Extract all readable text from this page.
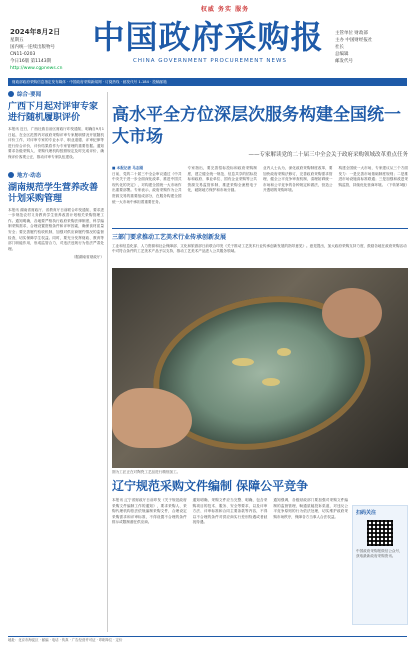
权威 务实 服务
2024年8月2日
星期五
国内统一连续出版物号
CN11-0203
今日16版 第1143期
http://www.cgpnews.cn
中国政府采购报
CHINA GOVERNMENT PROCUREMENT NEWS
主管单位 财政部
主办 中国财经报社
社长
总编辑
邮发代号
财政部政府采购信息指定发布媒体 · 中国政府采购新闻网 · 订阅热线 · 邮发代号 1-184 · 投稿邮箱
综合·要闻
广西下月起对评审专家进行随机履职评价
本报讯 近日，广西壮族自治区财政厅印发通知，明确自9月1日起，在全区范围内对政府采购评审专家履职情况开展随机评价工作，对评审专家的专业水平、职业道德、评审纪律等进行综合评价，评价结果将作为专家管理的重要依据。通知要求各级采购人、采购代理机构按照规定及时完成评价，确保评价客观公正，推动评审专家队伍建设。
地方·动态
湖南规范学生营养改善计划采购管理
本报讯 湖南省财政厅、省教育厅日前联合印发通知，要求进一步规范农村义务教育学生营养改善计划相关采购管理工作。通知明确，各地要严格执行政府采购法律制度，科学编制采购需求，合理设置资格条件和评审因素，确保食材质量安全；要完善履约验收机制，加强对供应商履约情况的监督检查，切实保障学生权益。同时，要充分发挥财政、教育等部门职能作用，形成监管合力，对违法违规行为依法严肃处理。
（据湖南省财政厅）
高水平全方位深层次服务构建全国统一大市场
——专家解读党的二十届三中全会关于政府采购领域改革重点任务
■ 本报记者 马志刚
日前，党的二十届三中全会审议通过《中共中央关于进一步全面深化改革、推进中国式现代化的决定》，对构建全国统一大市场作出重要部署。专家表示，政府采购作为公共资源交易的重要组成部分，在服务构建全国统一大市场中承担着重要任务。
专家指出，要完善招标投标和政府采购制度，建立健全统一规范、信息共享的招标投标和政府、事业单位、国有企业采购等公共资源交易监管体制，推进采购全流程电子化，破除地方保护和市场分割。
业内人士认为，深化政府采购制度改革，要加快政府采购法修订，完善政府采购需求管理，健全公平竞争审查机制，清理妨碍统一市场和公平竞争的各种规定和做法，营造公开透明的采购环境。
构建全国统一大市场，专家建议从三个方面发力：一是完善市场基础制度规则；二是推进市场设施高标准联通；三是加强和改进采购监管，持续优化营商环境。（下转第3版）
三部门要求推动工艺美术行业传承创新发展
工业和信息化部、人力资源和社会保障部、文化和旅游部日前联合印发《关于推动工艺美术行业传承创新发展的指导意见》。意见提出，加大政府采购支持力度，鼓励各地在政府采购活动中对符合条件的工艺美术产品予以支持，推动工艺美术产品进入公共服务领域。
图为工匠正在对陶瓷工艺品进行精细加工。
辽宁规范采购文件编制 保障公平竞争
本报讯 辽宁省财政厅日前印发《关于规范政府采购文件编制工作的通知》，要求采购人、采购代理机构依法依规编制采购文件，合理设定采购需求和评审标准，不得设置不合理的条件排斥或限制潜在供应商。
通知明确，采购文件应当完整、明确，包含采购项目的技术、服务、安全等要求，以及评审方法、评审标准和合同主要条款等内容，不得以不合理的条件对供应商实行差别待遇或者歧视待遇。
通知强调，各级财政部门要加强对采购文件编制的监督管理，畅通质疑投诉渠道，对违反公平竞争原则的行为依法处理，切实维护政府采购市场秩序，保障各方当事人合法权益。
扫码关注
中国政府采购报微信公众号，获取最新政府采购资讯。
地址：北京市海淀区 · 邮编 · 电话 · 传真 · 广告经营许可证 · 印刷单位 · 定价
